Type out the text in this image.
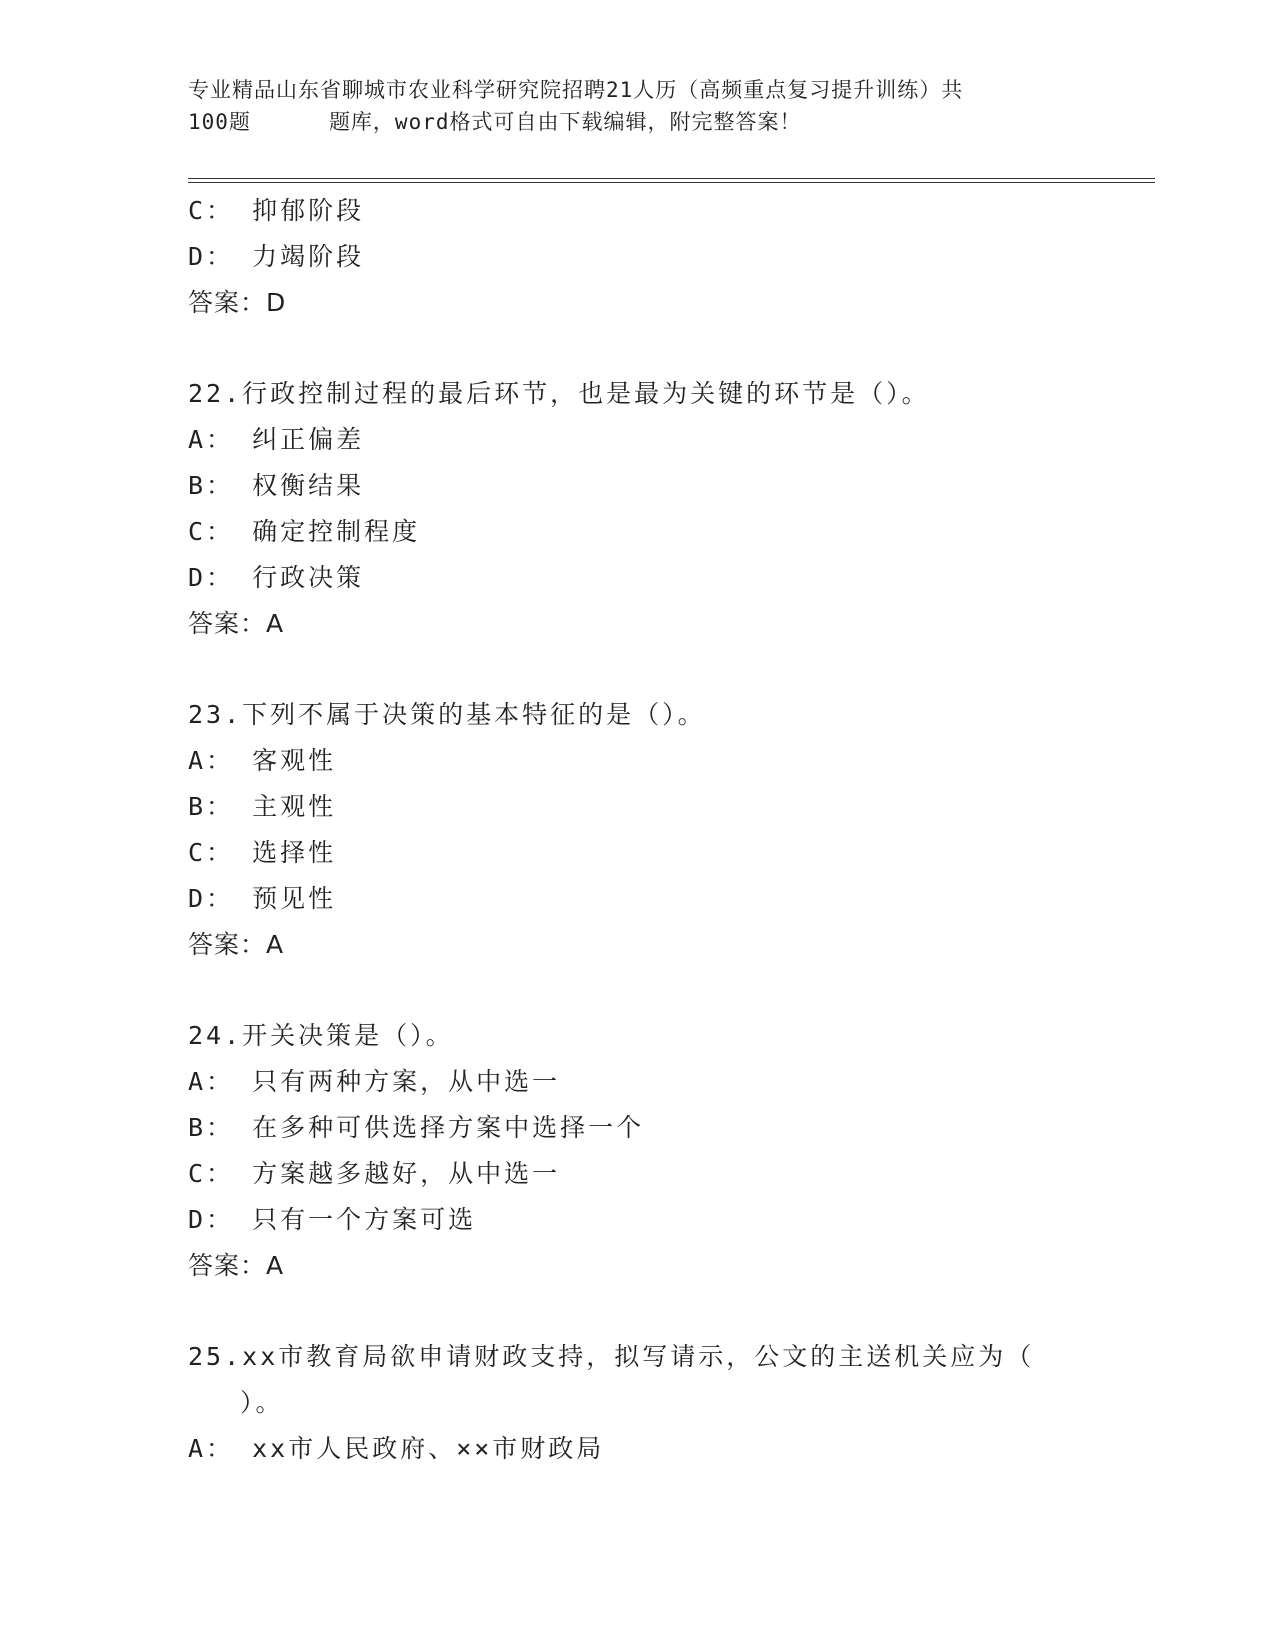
专业精品山东省聊城市农业科学研究院招聘21人历（高频重点复习提升训练）共
100题	题库，word格式可自由下载编辑，附完整答案！
C： 抑郁阶段
D： 力竭阶段
答案：D
22.行政控制过程的最后环节，也是最为关键的环节是（）。
A： 纠正偏差
B： 权衡结果
C： 确定控制程度
D： 行政决策
答案：A
23.下列不属于决策的基本特征的是（）。
A： 客观性
B： 主观性
C： 选择性
D： 预见性
答案：A
24.开关决策是（）。
A： 只有两种方案，从中选一
B： 在多种可供选择方案中选择一个
C： 方案越多越好，从中选一
D： 只有一个方案可选
答案：A
25.xx市教育局欲申请财政支持，拟写请示，公文的主送机关应为（
）。
A： xx市人民政府、××市财政局
